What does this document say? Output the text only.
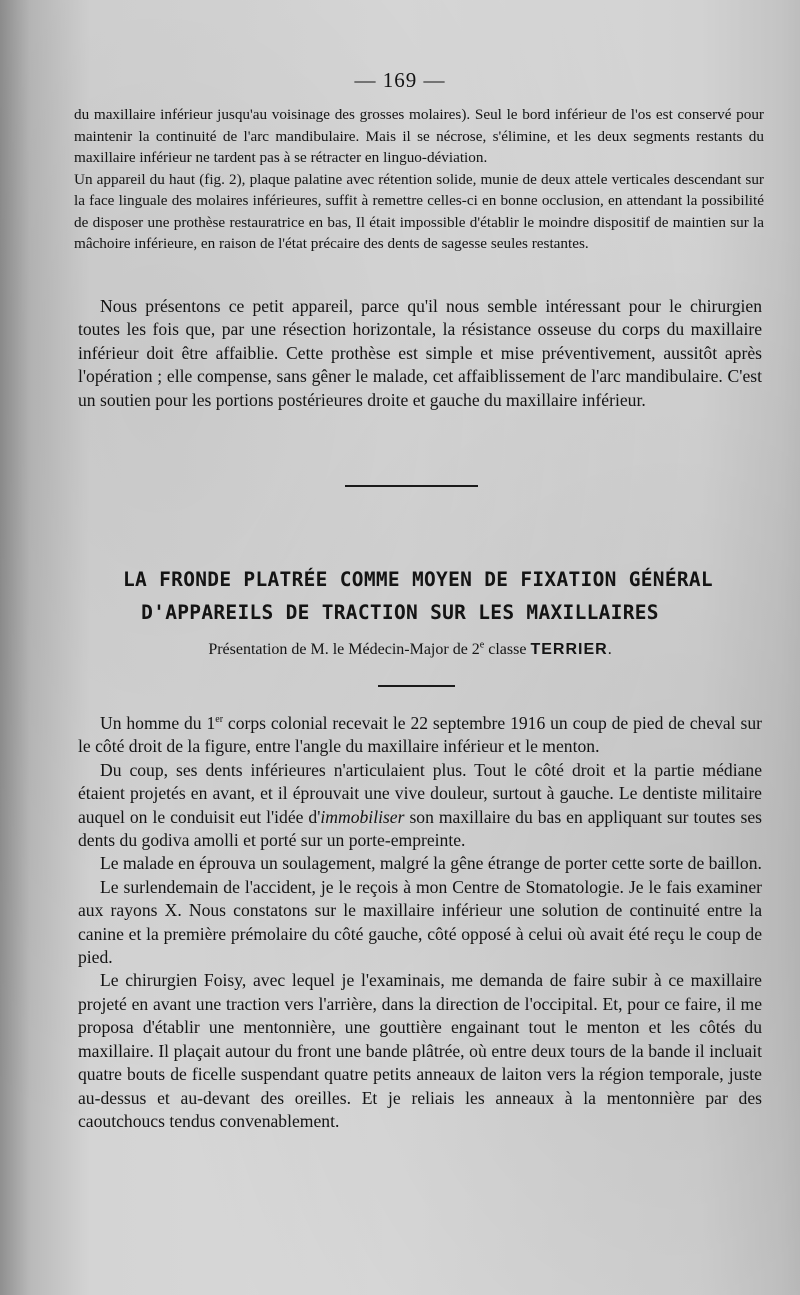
— 169 —

du maxillaire inférieur jusqu'au voisinage des grosses molaires). Seul le bord inférieur de l'os est conservé pour maintenir la continuité de l'arc mandibulaire. Mais il se nécrose, s'élimine, et les deux segments restants du maxillaire inférieur ne tardent pas à se rétracter en linguo-déviation.

Un appareil du haut (fig. 2), plaque palatine avec rétention solide, munie de deux attele verticales descendant sur la face linguale des molaires inférieures, suffit à remettre celles-ci en bonne occlusion, en attendant la possibilité de disposer une prothèse restauratrice en bas, Il était impossible d'établir le moindre dispositif de maintien sur la mâchoire inférieure, en raison de l'état précaire des dents de sagesse seules restantes.

Nous présentons ce petit appareil, parce qu'il nous semble intéressant pour le chirurgien toutes les fois que, par une résection horizontale, la résistance osseuse du corps du maxillaire inférieur doit être affaiblie. Cette prothèse est simple et mise préventivement, aussitôt après l'opération ; elle compense, sans gêner le malade, cet affaiblissement de l'arc mandibulaire. C'est un soutien pour les portions postérieures droite et gauche du maxillaire inférieur.

LA FRONDE PLATRÉE COMME MOYEN DE FIXATION GÉNÉRAL
D'APPAREILS DE TRACTION SUR LES MAXILLAIRES
Présentation de M. le Médecin-Major de 2e classe TERRIER.

Un homme du 1er corps colonial recevait le 22 septembre 1916 un coup de pied de cheval sur le côté droit de la figure, entre l'angle du maxillaire inférieur et le menton.

Du coup, ses dents inférieures n'articulaient plus. Tout le côté droit et la partie médiane étaient projetés en avant, et il éprouvait une vive douleur, surtout à gauche. Le dentiste militaire auquel on le conduisit eut l'idée d'immobiliser son maxillaire du bas en appliquant sur toutes ses dents du godiva amolli et porté sur un porte-empreinte.

Le malade en éprouva un soulagement, malgré la gêne étrange de porter cette sorte de baillon.

Le surlendemain de l'accident, je le reçois à mon Centre de Stomatologie. Je le fais examiner aux rayons X. Nous constatons sur le maxillaire inférieur une solution de continuité entre la canine et la première prémolaire du côté gauche, côté opposé à celui où avait été reçu le coup de pied.

Le chirurgien Foisy, avec lequel je l'examinais, me demanda de faire subir à ce maxillaire projeté en avant une traction vers l'arrière, dans la direction de l'occipital. Et, pour ce faire, il me proposa d'établir une mentonnière, une gouttière engainant tout le menton et les côtés du maxillaire. Il plaçait autour du front une bande plâtrée, où entre deux tours de la bande il incluait quatre bouts de ficelle suspendant quatre petits anneaux de laiton vers la région temporale, juste au-dessus et au-devant des oreilles. Et je reliais les anneaux à la mentonnière par des caoutchoucs tendus convenablement.
